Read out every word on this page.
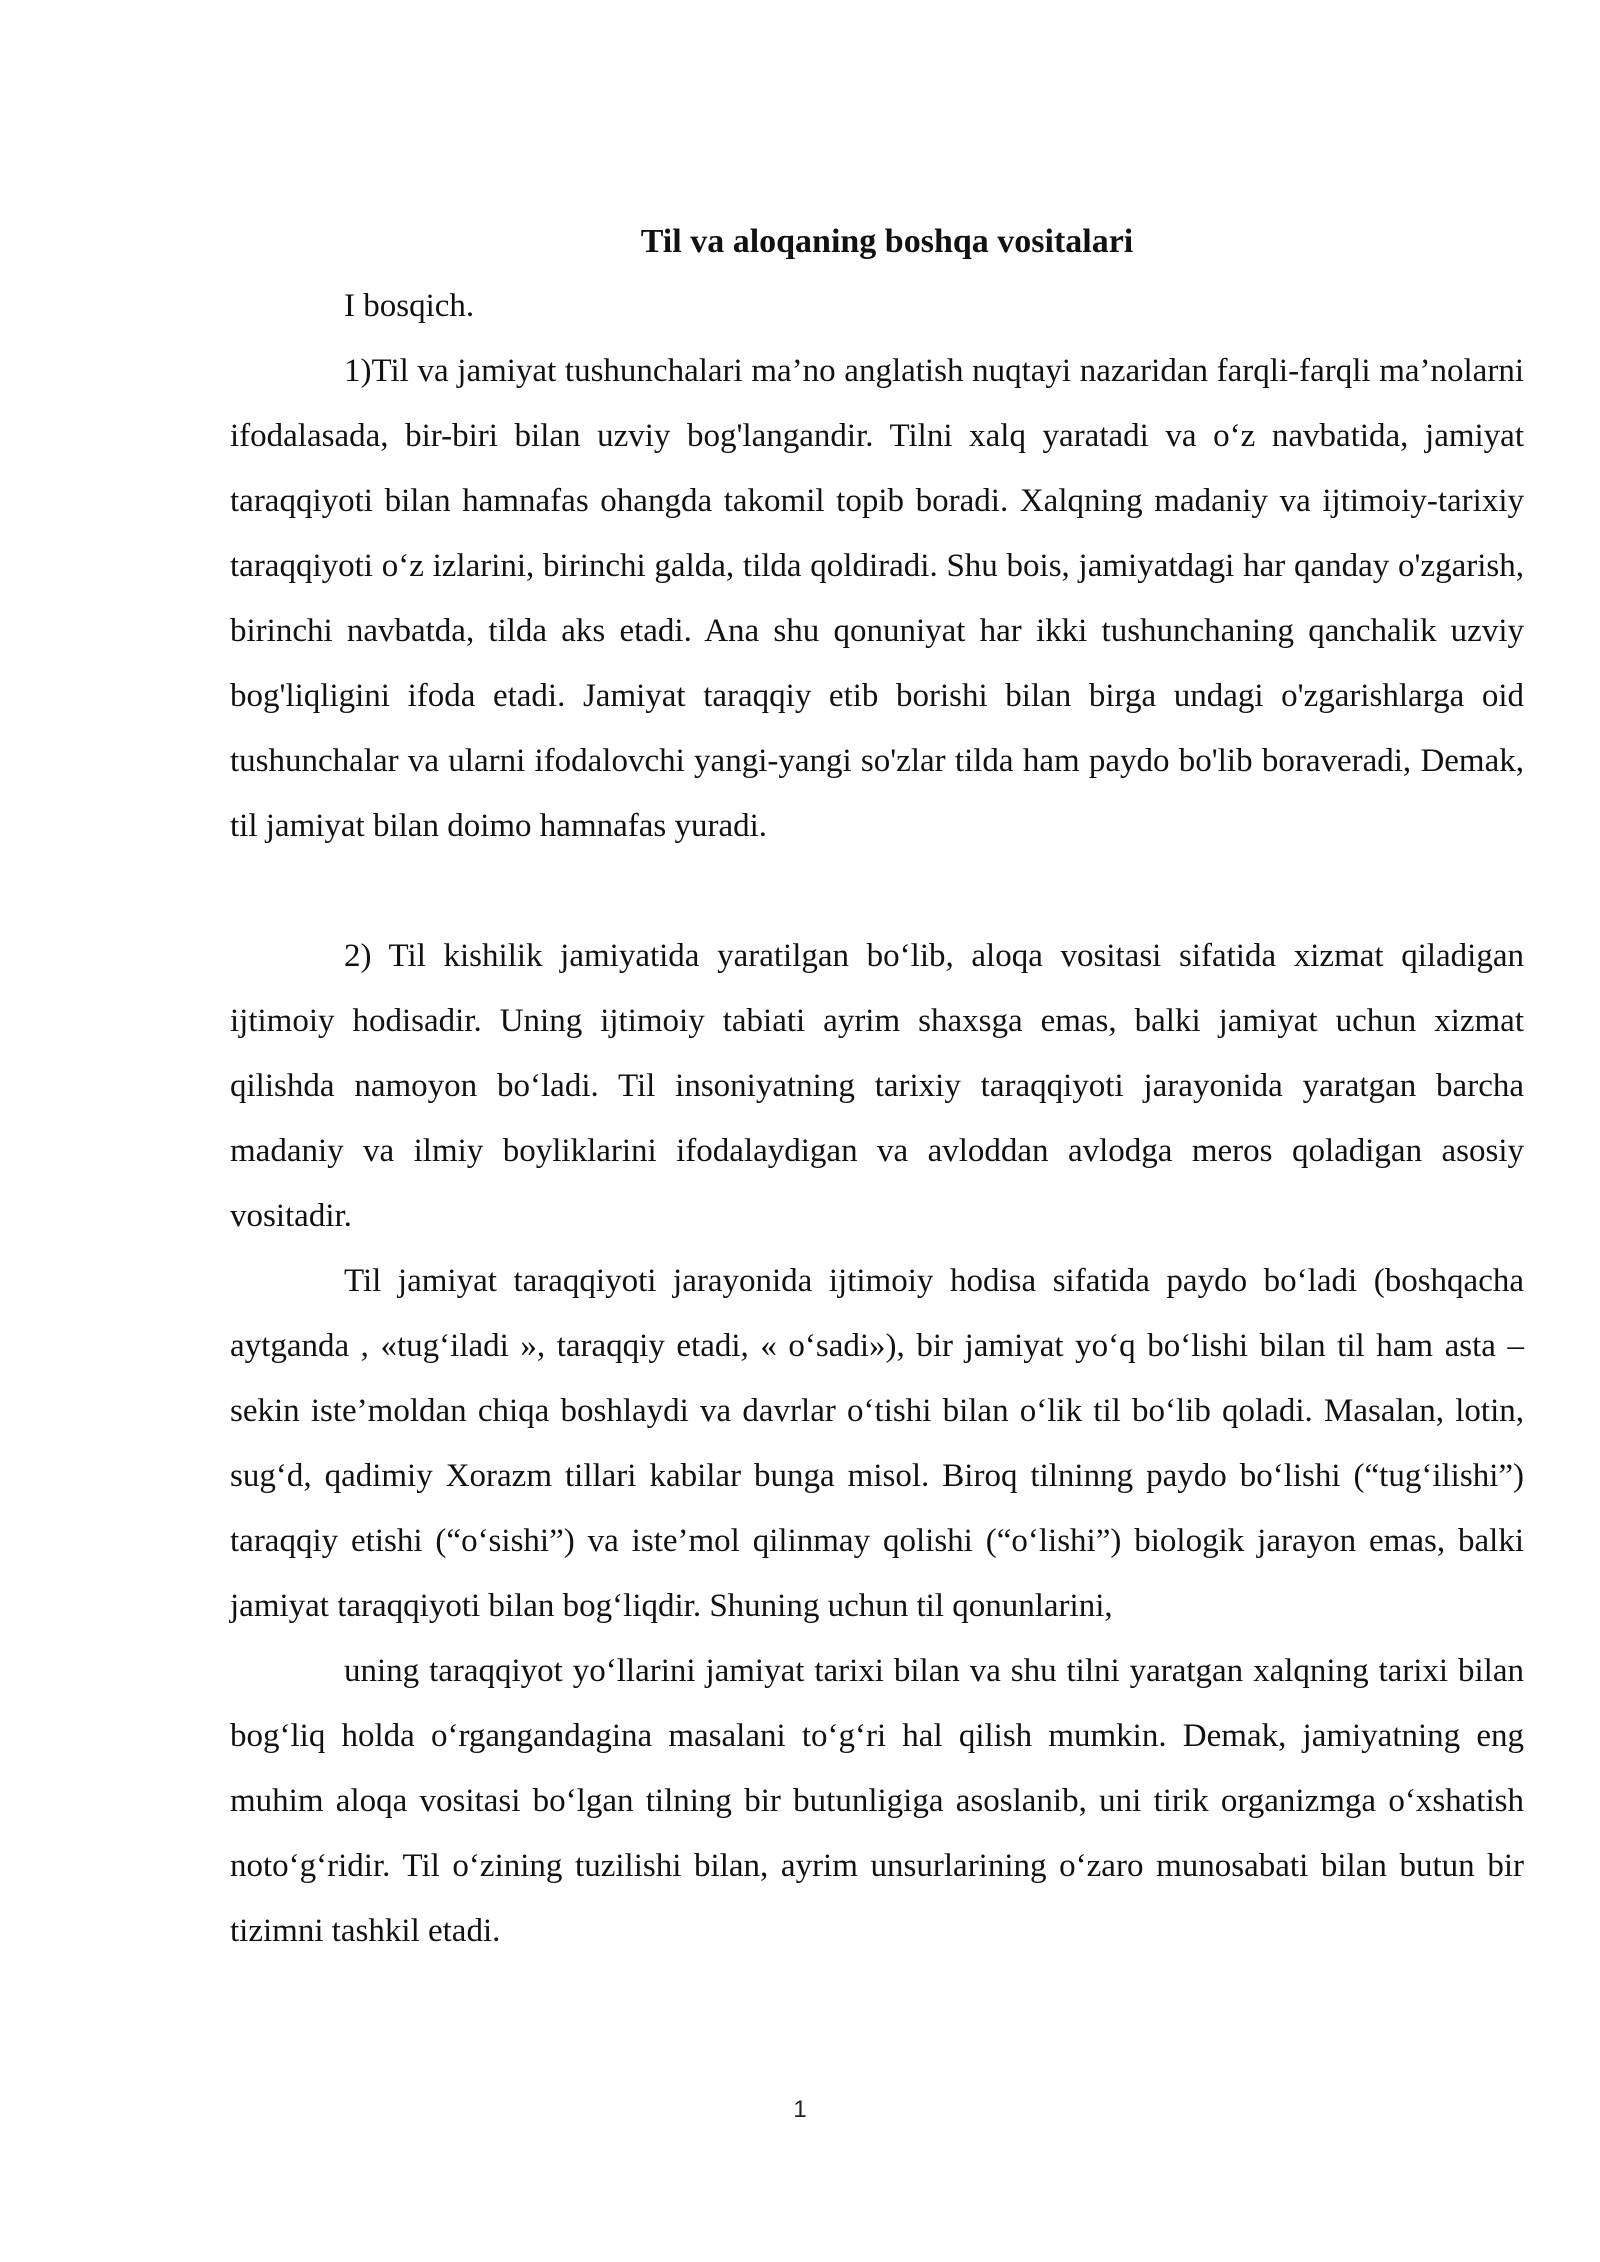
Til va aloqaning boshqa vositalari

I bosqich.

1)Til va jamiyat tushunchalari ma’no anglatish nuqtayi nazaridan farqli-farqli ma’nolarni ifodalasada, bir-biri bilan uzviy bog'langandir. Tilni xalq yaratadi va o‘z navbatida, jamiyat taraqqiyoti bilan hamnafas ohangda takomil topib boradi. Xalqning madaniy va ijtimoiy-tarixiy taraqqiyoti o‘z izlarini, birinchi galda, tilda qoldiradi. Shu bois, jamiyatdagi har qanday o'zgarish, birinchi navbatda, tilda aks etadi. Ana shu qonuniyat har ikki tushunchaning qanchalik uzviy bog'liqligini ifoda etadi. Jamiyat taraqqiy etib borishi bilan birga undagi o'zgarishlarga oid tushunchalar va ularni ifodalovchi yangi-yangi so'zlar tilda ham paydo bo'lib boraveradi, Demak, til jamiyat bilan doimo hamnafas yuradi.

2) Til kishilik jamiyatida yaratilgan bo‘lib, aloqa vositasi sifatida xizmat qiladigan ijtimoiy hodisadir. Uning ijtimoiy tabiati ayrim shaxsga emas, balki jamiyat uchun xizmat qilishda namoyon bo‘ladi. Til insoniyatning tarixiy taraqqiyoti jarayonida yaratgan barcha madaniy va ilmiy boyliklarini ifodalaydigan va avloddan avlodga meros qoladigan asosiy vositadir.

Til jamiyat taraqqiyoti jarayonida ijtimoiy hodisa sifatida paydo bo‘ladi (boshqacha aytganda , «tug‘iladi », taraqqiy etadi, « o‘sadi»), bir jamiyat yo‘q bo‘lishi bilan til ham asta – sekin iste’moldan chiqa boshlaydi va davrlar o‘tishi bilan o‘lik til bo‘lib qoladi. Masalan, lotin, sug‘d, qadimiy Xorazm tillari kabilar bunga misol. Biroq tilninng paydo bo‘lishi (“tug‘ilishi”) taraqqiy etishi (“o‘sishi”) va iste’mol qilinmay qolishi (“o‘lishi”) biologik jarayon emas, balki jamiyat taraqqiyoti bilan bog‘liqdir. Shuning uchun til qonunlarini,

uning taraqqiyot yo‘llarini jamiyat tarixi bilan va shu tilni yaratgan xalqning tarixi bilan bog‘liq holda o‘rgangandagina masalani to‘g‘ri hal qilish mumkin. Demak, jamiyatning eng muhim aloqa vositasi bo‘lgan tilning bir butunligiga asoslanib, uni tirik organizmga o‘xshatish noto‘g‘ridir. Til o‘zining tuzilishi bilan, ayrim unsurlarining o‘zaro munosabati bilan butun bir tizimni tashkil etadi.

1
